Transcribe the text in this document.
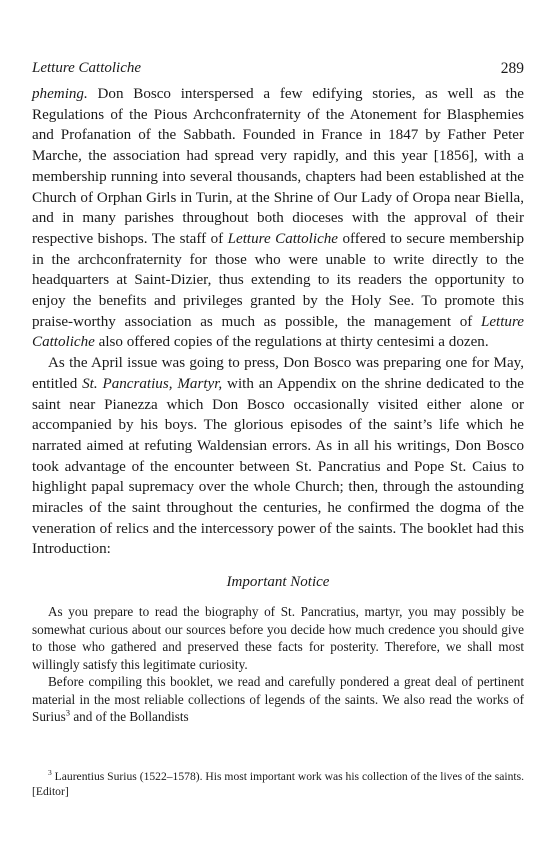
Letture Cattoliche	289

pheming. Don Bosco interspersed a few edifying stories, as well as the Regulations of the Pious Archconfraternity of the Atonement for Blasphemies and Profanation of the Sabbath. Founded in France in 1847 by Father Peter Marche, the association had spread very rapidly, and this year [1856], with a membership running into several thousands, chapters had been established at the Church of Orphan Girls in Turin, at the Shrine of Our Lady of Oropa near Biella, and in many parishes throughout both dioceses with the approval of their respective bishops. The staff of Letture Cattoliche offered to secure membership in the archconfraternity for those who were unable to write directly to the headquarters at Saint-Dizier, thus extending to its readers the opportunity to enjoy the benefits and privileges granted by the Holy See. To promote this praise-worthy association as much as possible, the management of Letture Cattoliche also offered copies of the regulations at thirty centesimi a dozen.

As the April issue was going to press, Don Bosco was preparing one for May, entitled St. Pancratius, Martyr, with an Appendix on the shrine dedicated to the saint near Pianezza which Don Bosco occasionally visited either alone or accompanied by his boys. The glorious episodes of the saint’s life which he narrated aimed at refuting Waldensian errors. As in all his writings, Don Bosco took advantage of the encounter between St. Pancratius and Pope St. Caius to highlight papal supremacy over the whole Church; then, through the astounding miracles of the saint throughout the centuries, he confirmed the dogma of the veneration of relics and the intercessory power of the saints. The booklet had this Introduction:

Important Notice

As you prepare to read the biography of St. Pancratius, martyr, you may possibly be somewhat curious about our sources before you decide how much credence you should give to those who gathered and preserved these facts for posterity. Therefore, we shall most willingly satisfy this legitimate curiosity.

Before compiling this booklet, we read and carefully pondered a great deal of pertinent material in the most reliable collections of legends of the saints. We also read the works of Surius$^3$ and of the Bollandists

$^3$ Laurentius Surius (1522–1578). His most important work was his collection of the lives of the saints. [Editor]
